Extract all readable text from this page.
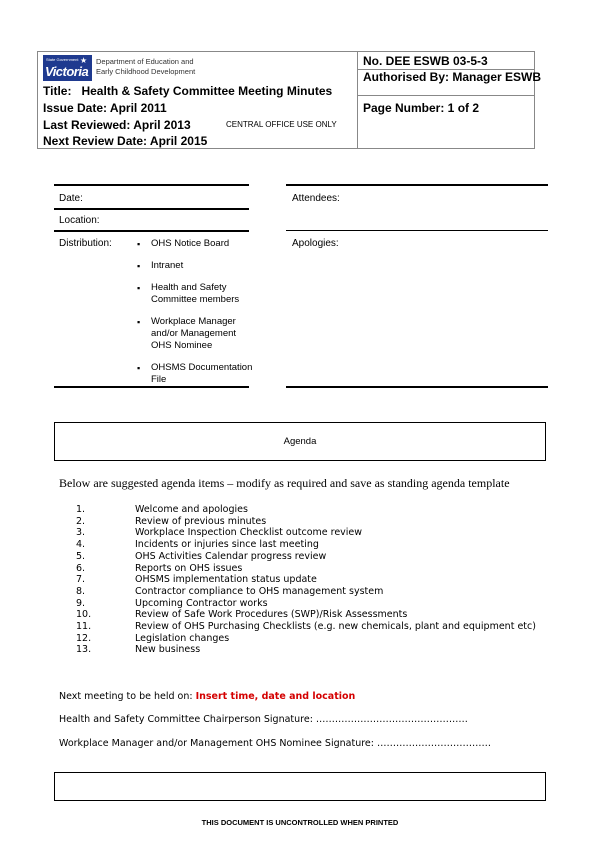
State Government
Victoria
★ Department of Education and
Early Childhood Development
Title: Health & Safety Committee Meeting Minutes
Issue Date: April 2011
Last Reviewed: April 2013	CENTRAL OFFICE USE ONLY
Next Review Date: April 2015
No. DEE ESWB 03-5-3
Authorised By: Manager ESWB
Page Number: 1 of 2
Date:	Attendees:
Location:
Distribution:	Apologies:
▪ OHS Notice Board
▪ Intranet
▪ Health and Safety Committee members
▪ Workplace Manager and/or Management OHS Nominee
▪ OHSMS Documentation File
Agenda
Below are suggested agenda items – modify as required and save as standing agenda template
1.	Welcome and apologies
2.	Review of previous minutes
3.	Workplace Inspection Checklist outcome review
4.	Incidents or injuries since last meeting
5.	OHS Activities Calendar progress review
6.	Reports on OHS issues
7.	OHSMS implementation status update
8.	Contractor compliance to OHS management system
9.	Upcoming Contractor works
10.	Review of Safe Work Procedures (SWP)/Risk Assessments
11.	Review of OHS Purchasing Checklists (e.g. new chemicals, plant and equipment etc)
12.	Legislation changes
13.	New business
Next meeting to be held on: Insert time, date and location
Health and Safety Committee Chairperson Signature: …………………………………………
Workplace Manager and/or Management OHS Nominee Signature: ………………………………
THIS DOCUMENT IS UNCONTROLLED WHEN PRINTED
